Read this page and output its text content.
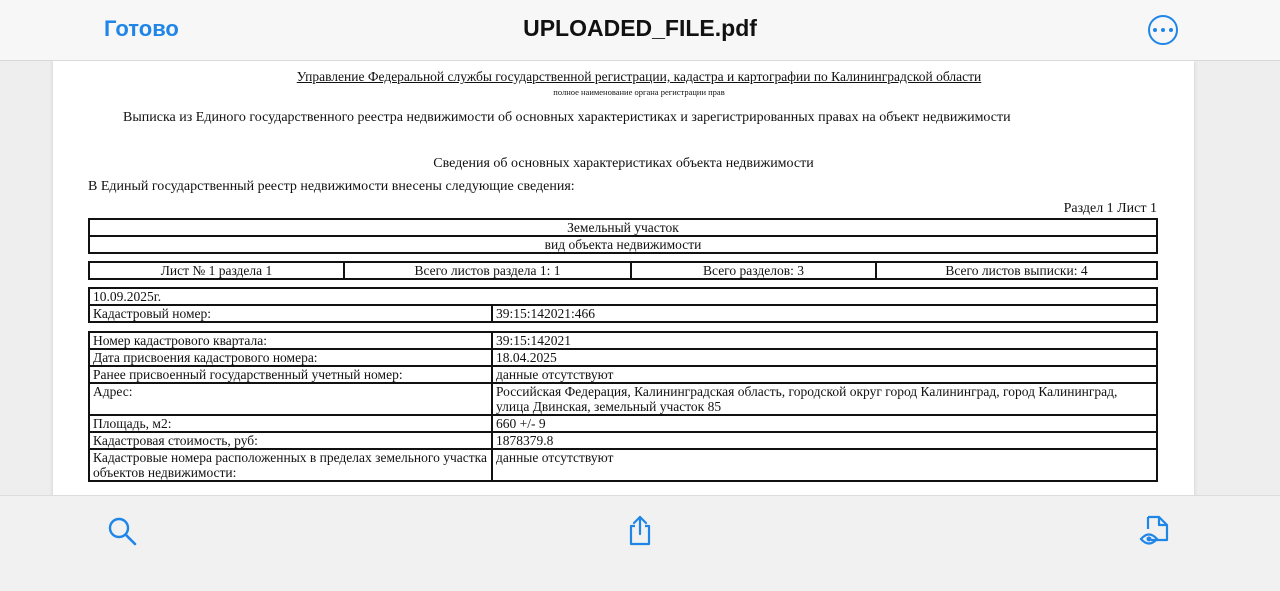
Готово	UPLOADED_FILE.pdf
Управление Федеральной службы государственной регистрации, кадастра и картографии по Калининградской области
полное наименование органа регистрации прав
Выписка из Единого государственного реестра недвижимости об основных характеристиках и зарегистрированных правах на объект недвижимости
Сведения об основных характеристиках объекта недвижимости
В Единый государственный реестр недвижимости внесены следующие сведения:
Раздел 1 Лист 1
Земельный участок
вид объекта недвижимости
Лист № 1 раздела 1	Всего листов раздела 1: 1	Всего разделов: 3	Всего листов выписки: 4
10.09.2025г.
Кадастровый номер:	39:15:142021:466
Номер кадастрового квартала:	39:15:142021
Дата присвоения кадастрового номера:	18.04.2025
Ранее присвоенный государственный учетный номер:	данные отсутствуют
Адрес:	Российская Федерация, Калининградская область, городской округ город Калининград, город Калининград, улица Двинская, земельный участок 85
Площадь, м2:	660 +/- 9
Кадастровая стоимость, руб:	1878379.8
Кадастровые номера расположенных в пределах земельного участка объектов недвижимости:	данные отсутствуют
